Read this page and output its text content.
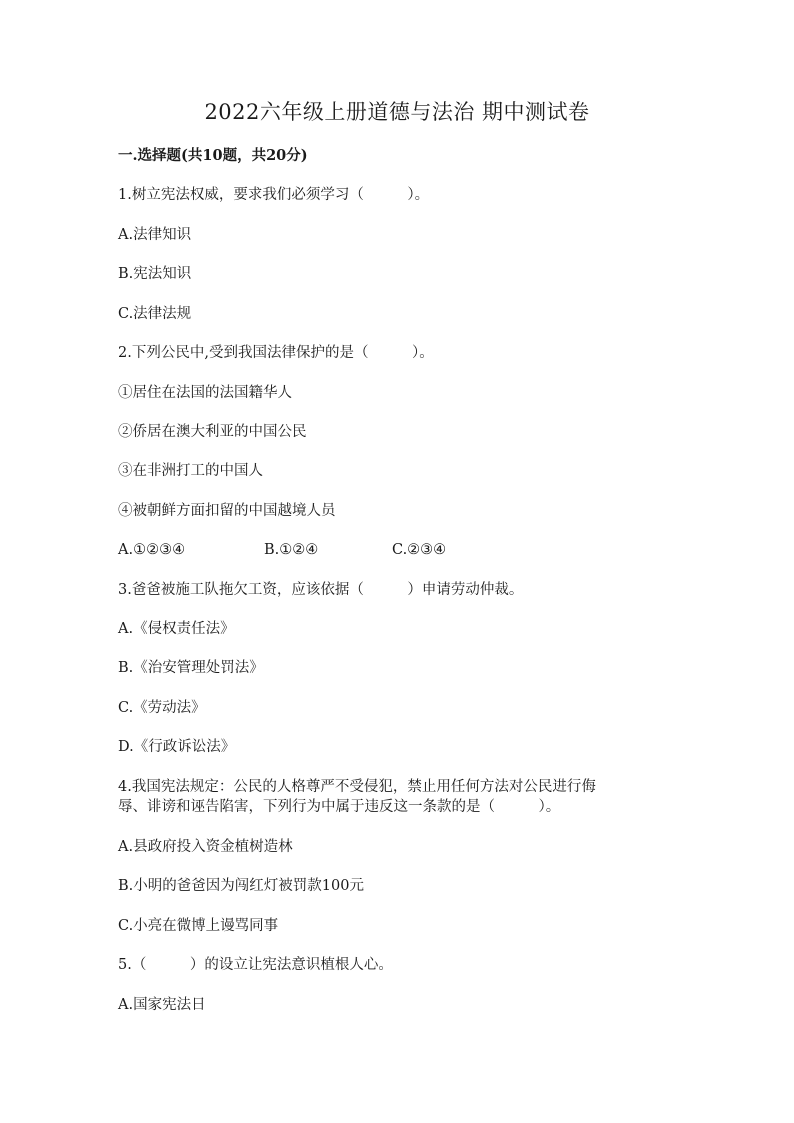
2022六年级上册道德与法治 期中测试卷
一.选择题(共10题，共20分)
1.树立宪法权威，要求我们必须学习（　　　）。
A.法律知识
B.宪法知识
C.法律法规
2.下列公民中,受到我国法律保护的是（　　　）。
①居住在法国的法国籍华人
②侨居在澳大利亚的中国公民
③在非洲打工的中国人
④被朝鲜方面扣留的中国越境人员
A.①②③④	B.①②④	C.②③④
3.爸爸被施工队拖欠工资，应该依据（　　　）申请劳动仲裁。
A.《侵权责任法》
B.《治安管理处罚法》
C.《劳动法》
D.《行政诉讼法》
4.我国宪法规定：公民的人格尊严不受侵犯，禁止用任何方法对公民进行侮
辱、诽谤和诬告陷害，下列行为中属于违反这一条款的是（　　　）。
A.县政府投入资金植树造林
B.小明的爸爸因为闯红灯被罚款100元
C.小亮在微博上谩骂同事
5.（　　　）的设立让宪法意识植根人心。
A.国家宪法日
